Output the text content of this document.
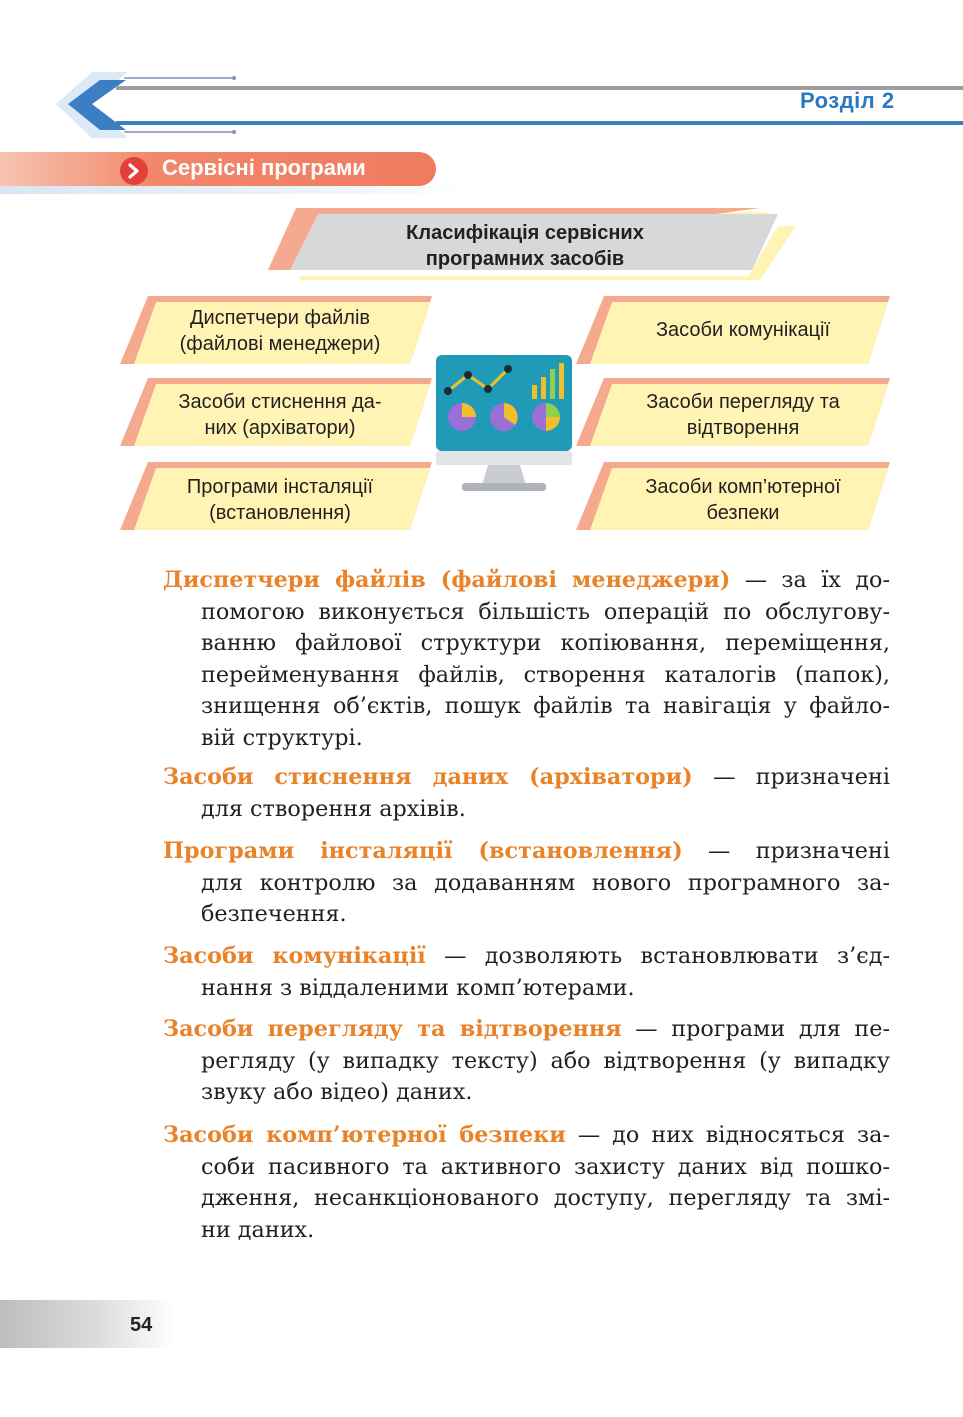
Розділ 2
Сервісні програми
Класифікація сервісних
програмних засобів
Диспетчери файлів
(файлові менеджери)
Засоби стиснення да-
них (архіватори)
Програми інсталяції
(встановлення)
Засоби комунікації
Засоби перегляду та
відтворення
Засоби комп’ютерної
безпеки
Диспетчери файлів (файлові менеджери) — за їх до-
помогою виконується більшість операцій по обслугову-
ванню файлової структури копіювання, переміщення,
перейменування файлів, створення каталогів (папок),
знищення об’єктів, пошук файлів та навігація у файло-
вій структурі.
Засоби стиснення даних (архіватори) — призначені
для створення архівів.
Програми інсталяції (встановлення) — призначені
для контролю за додаванням нового програмного за-
безпечення.
Засоби комунікації — дозволяють встановлювати з’єд-
нання з віддаленими комп’ютерами.
Засоби перегляду та відтворення — програми для пе-
регляду (у випадку тексту) або відтворення (у випадку
звуку або відео) даних.
Засоби комп’ютерної безпеки — до них відносяться за-
соби пасивного та активного захисту даних від пошко-
дження, несанкціонованого доступу, перегляду та змі-
ни даних.
54
